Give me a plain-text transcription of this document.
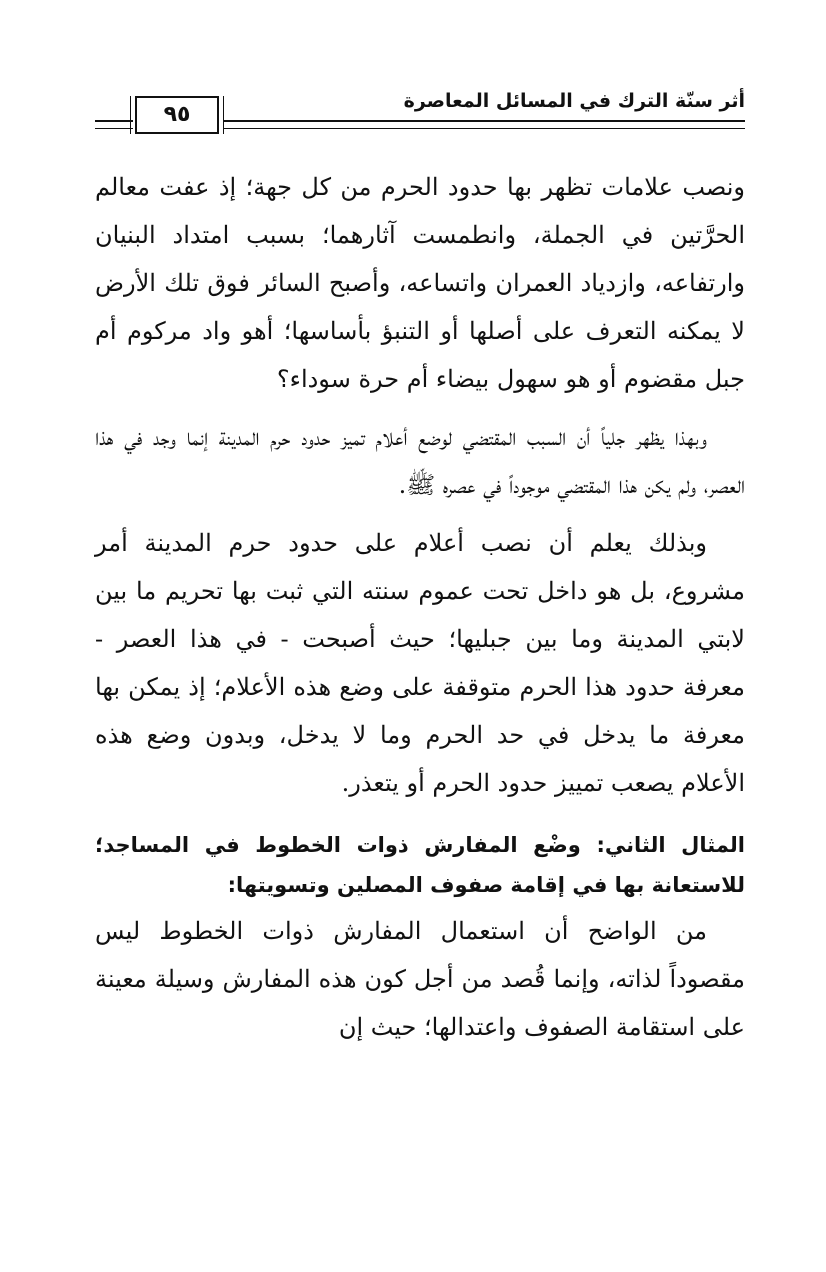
أثر سنّة الترك في المسائل المعاصرة
٩٥

ونصب علامات تظهر بها حدود الحرم من كل جهة؛ إذ عفت معالم الحرَّتين في الجملة، وانطمست آثارهما؛ بسبب امتداد البنيان وارتفاعه، وازدياد العمران واتساعه، وأصبح السائر فوق تلك الأرض لا يمكنه التعرف على أصلها أو التنبؤ بأساسها؛ أهو واد مركوم أم جبل مقضوم أو هو سهول بيضاء أم حرة سوداء؟

وبهذا يظهر جلياً أن السبب المقتضي لوضع أعلام تميز حدود حرم المدينة إنما وجد في هذا العصر، ولم يكن هذا المقتضي موجوداً في عصره ﷺ.

وبذلك يعلم أن نصب أعلام على حدود حرم المدينة أمر مشروع، بل هو داخل تحت عموم سنته التي ثبت بها تحريم ما بين لابتي المدينة وما بين جبليها؛ حيث أصبحت - في هذا العصر - معرفة حدود هذا الحرم متوقفة على وضع هذه الأعلام؛ إذ يمكن بها معرفة ما يدخل في حد الحرم وما لا يدخل، وبدون وضع هذه الأعلام يصعب تمييز حدود الحرم أو يتعذر.

المثال الثاني: وضْع المفارش ذوات الخطوط في المساجد؛ للاستعانة بها في إقامة صفوف المصلين وتسويتها:

من الواضح أن استعمال المفارش ذوات الخطوط ليس مقصوداً لذاته، وإنما قُصد من أجل كون هذه المفارش وسيلة معينة على استقامة الصفوف واعتدالها؛ حيث إن
